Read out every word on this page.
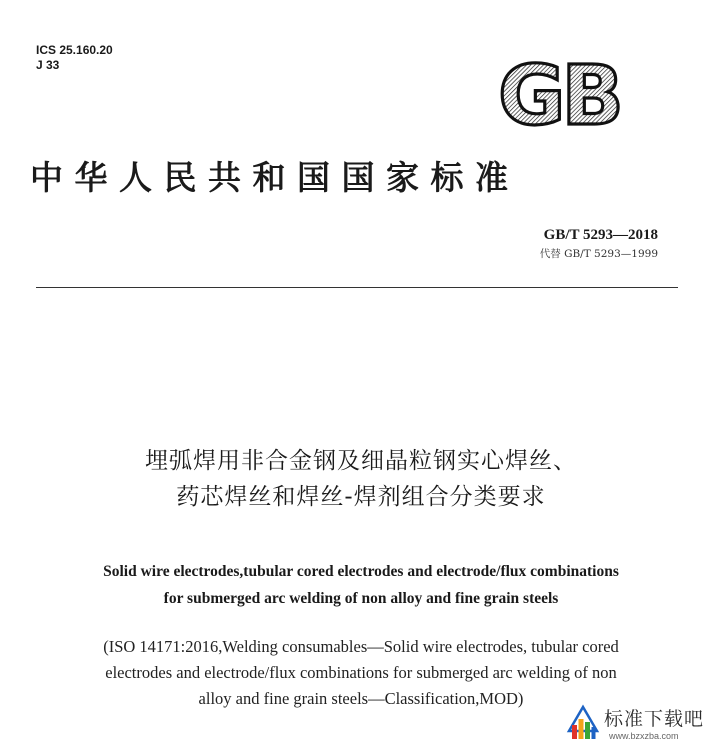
ICS 25.160.20
J 33	GB
中华人民共和国国家标准
GB/T 5293—2018
代替 GB/T 5293—1999
埋弧焊用非合金钢及细晶粒钢实心焊丝、
药芯焊丝和焊丝-焊剂组合分类要求
Solid wire electrodes,tubular cored electrodes and electrode/flux combinations
for submerged arc welding of non alloy and fine grain steels
(ISO 14171:2016,Welding consumables—Solid wire electrodes, tubular cored
electrodes and electrode/flux combinations for submerged arc welding of non
alloy and fine grain steels—Classification,MOD)
标准下载吧
www.bzxzba.com
